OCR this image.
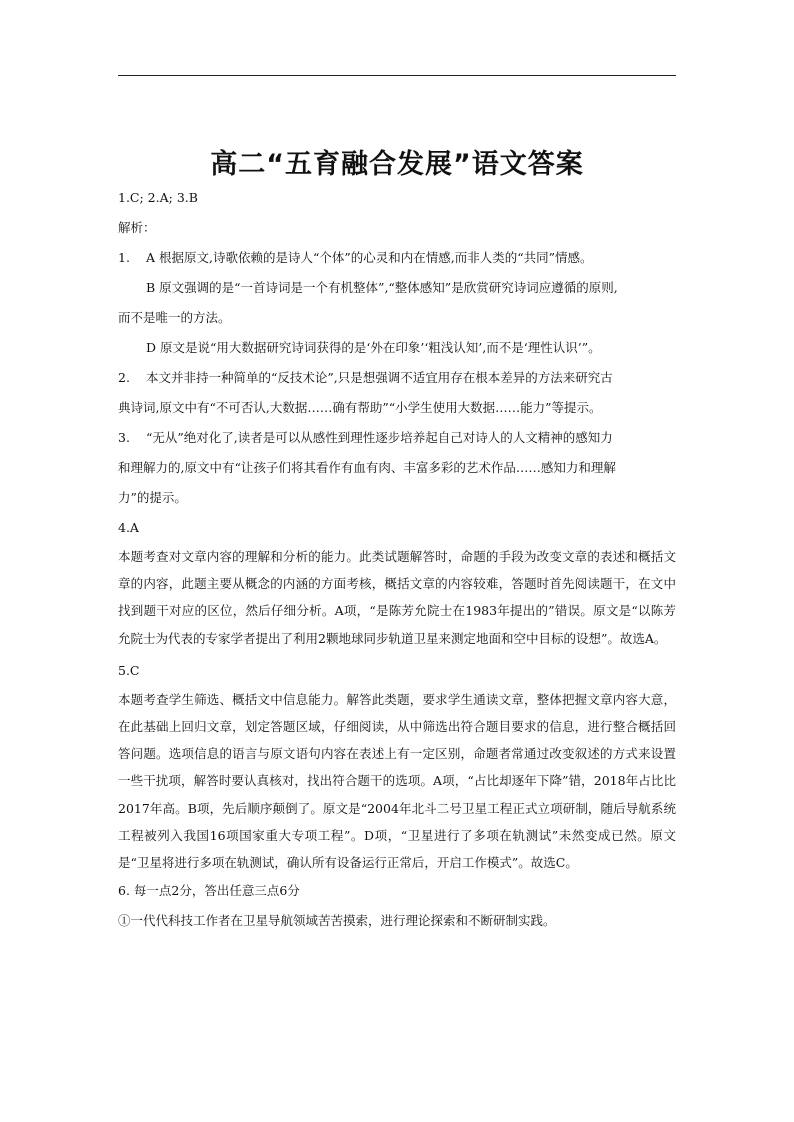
高二“五育融合发展”语文答案
1.C; 2.A; 3.B
解析：
1. A 根据原文,诗歌依赖的是诗人“个体”的心灵和内在情感,而非人类的“共同”情感。
B 原文强调的是“一首诗词是一个有机整体”,“整体感知”是欣赏研究诗词应遵循的原则,
而不是唯一的方法。
D 原文是说“用大数据研究诗词获得的是‘外在印象’‘粗浅认知’,而不是‘理性认识’”。
2. 本文并非持一种简单的“反技术论”,只是想强调不适宜用存在根本差异的方法来研究古
典诗词,原文中有“不可否认,大数据……确有帮助”“小学生使用大数据……能力”等提示。
3. “无从”绝对化了,读者是可以从感性到理性逐步培养起自己对诗人的人文精神的感知力
和理解力的,原文中有“让孩子们将其看作有血有肉、丰富多彩的艺术作品……感知力和理解
力”的提示。
4.A

本题考查对文章内容的理解和分析的能力。此类试题解答时，命题的手段为改变文章的表述和概括文章的内容，此题主要从概念的内涵的方面考核，概括文章的内容较难，答题时首先阅读题干，在文中找到题干对应的区位，然后仔细分析。A项，“是陈芳允院士在1983年提出的”错误。原文是“以陈芳允院士为代表的专家学者提出了利用2颗地球同步轨道卫星来测定地面和空中目标的设想”。故选A。

5.C

本题考查学生筛选、概括文中信息能力。解答此类题，要求学生通读文章，整体把握文章内容大意，在此基础上回归文章，划定答题区域，仔细阅读，从中筛选出符合题目要求的信息，进行整合概括回答问题。选项信息的语言与原文语句内容在表述上有一定区别，命题者常通过改变叙述的方式来设置一些干扰项，解答时要认真核对，找出符合题干的选项。A项，“占比却逐年下降”错，2018年占比比2017年高。B项，先后顺序颠倒了。原文是“2004年北斗二号卫星工程正式立项研制，随后导航系统工程被列入我国16项国家重大专项工程”。D项，“卫星进行了多项在轨测试”未然变成已然。原文是“卫星将进行多项在轨测试，确认所有设备运行正常后，开启工作模式”。故选C。

6. 每一点2分，答出任意三点6分
①一代代科技工作者在卫星导航领域苦苦摸索，进行理论探索和不断研制实践。
